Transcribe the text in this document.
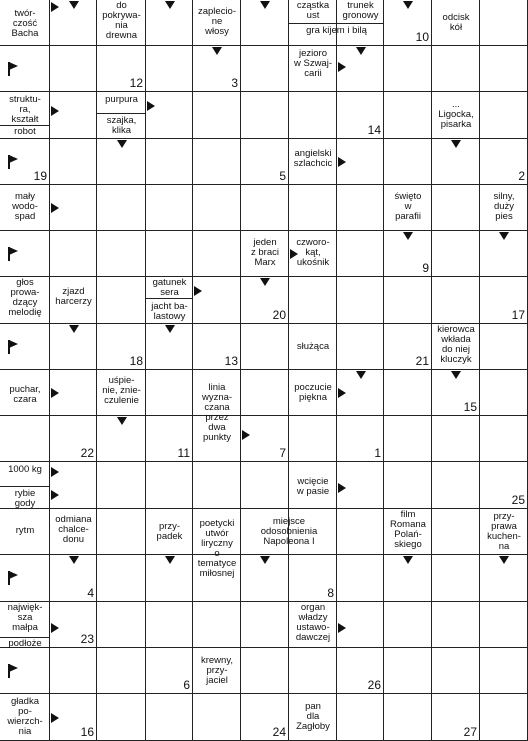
twór-
czość
Bacha
do
pokrywa-
nia
drewna
zaplecio-
ne
włosy
cząstka
ust
trunek
gronowy
gra kijem i bilą
odcisk
kół
jezioro
w Szwaj-
carii
struktu-
ra,
kształt
robot
purpura
szajka,
klika
...
Ligocka,
pisarka
angielski
szlachcic
mały
wodo-
spad
święto
w
parafii
silny,
duży
pies
jeden
z braci
Marx
czworo-
kąt,
ukośnik
głos
prowa-
dzący
melodię
zjazd
harcerzy
gatunek
sera
jacht ba-
lastowy
służąca
kierowca
wkłada
do niej
kluczyk
puchar,
czara
uśpie-
nie, znie-
czulenie
linia
wyzna-
czana
przez
dwa
punkty
poczucie
piękna
1000 kg
rybie
gody
wcięcie
w pasie
rytm
odmiana
chalce-
donu
przy-
padek
poetycki
utwór
liryczny
o
tematyce
miłosnej
miejsce
odosobnienia
Napoleona I
film
Romana
Polań-
skiego
przy-
prawa
kuchen-
na
najwięk-
sza
małpa
podłoże
organ
władzy
ustawo-
dawczej
krewny,
przy-
jaciel
gładka
po-
wierzch-
nia
pan
dla
Zagłoby
10
12	3
14
19	5	2
9
20	17
18	13	21
15
22	11	7	1
25
4	8
23
6	26
16	24	27
